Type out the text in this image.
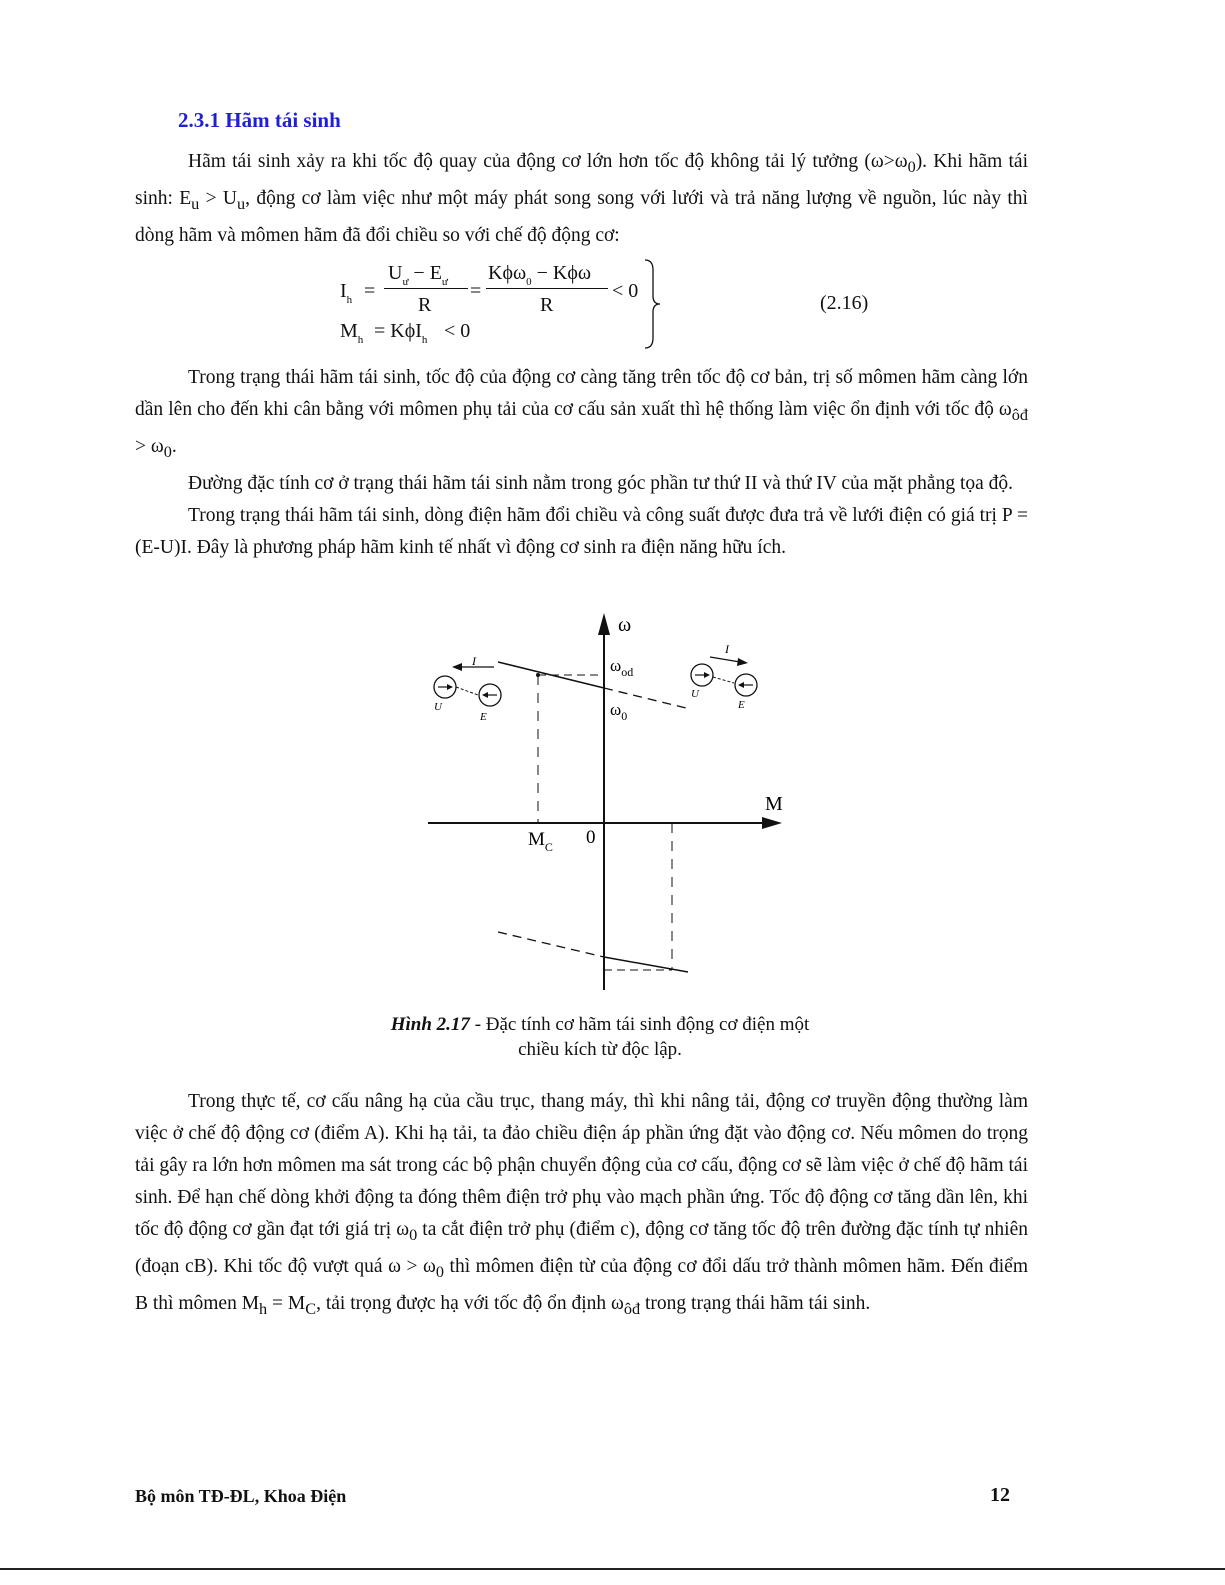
2.3.1 Hãm tái sinh

Hãm tái sinh xảy ra khi tốc độ quay của động cơ lớn hơn tốc độ không tải lý tưởng $(\omega>\omega_0)$. Khi hãm tái sinh: $E_u > U_u$, động cơ làm việc như một máy phát song song với lưới và trả năng lượng về nguồn, lúc này thì dòng hãm và mômen hãm đã đổi chiều so với chế độ động cơ:

$I_h$ =
$U_ư - E_ư$
R
=
Kϕω$_0$ − Kϕω
R
< 0
$M_h = K\phi I_h < 0$
(2.16)

Trong trạng thái hãm tái sinh, tốc độ của động cơ càng tăng trên tốc độ cơ bản, trị số mômen hãm càng lớn dần lên cho đến khi cân bằng với mômen phụ tải của cơ cấu sản xuất thì hệ thống làm việc ổn định với tốc độ $\omega_{ôđ} > \omega_0$.

Đường đặc tính cơ ở trạng thái hãm tái sinh nằm trong góc phần tư thứ II và thứ IV của mặt phẳng tọa độ.

Trong trạng thái hãm tái sinh, dòng điện hãm đổi chiều và công suất được đưa trả về lưới điện có giá trị P = (E-U)I. Đây là phương pháp hãm kinh tế nhất vì động cơ sinh ra điện năng hữu ích.

ω
M
0
$\omega_{od}$
$\omega_0$
$M_C$
I
U
E
I
U
E
Hình 2.17 - Đặc tính cơ hãm tái sinh động cơ điện một
chiều kích từ độc lập.

Trong thực tế, cơ cấu nâng hạ của cầu trục, thang máy, thì khi nâng tải, động cơ truyền động thường làm việc ở chế độ động cơ (điểm A). Khi hạ tải, ta đảo chiều điện áp phần ứng đặt vào động cơ. Nếu mômen do trọng tải gây ra lớn hơn mômen ma sát trong các bộ phận chuyển động của cơ cấu, động cơ sẽ làm việc ở chế độ hãm tái sinh. Để hạn chế dòng khởi động ta đóng thêm điện trở phụ vào mạch phần ứng. Tốc độ động cơ tăng dần lên, khi tốc độ động cơ gần đạt tới giá trị $\omega_0$ ta cắt điện trở phụ (điểm c), động cơ tăng tốc độ trên đường đặc tính tự nhiên (đoạn cB). Khi tốc độ vượt quá $\omega > \omega_0$ thì mômen điện từ của động cơ đổi dấu trở thành mômen hãm. Đến điểm B thì mômen $M_h = M_C$, tải trọng được hạ với tốc độ ổn định $\omega_{ôđ}$ trong trạng thái hãm tái sinh.

Bộ môn TĐ-ĐL, Khoa Điện	12
